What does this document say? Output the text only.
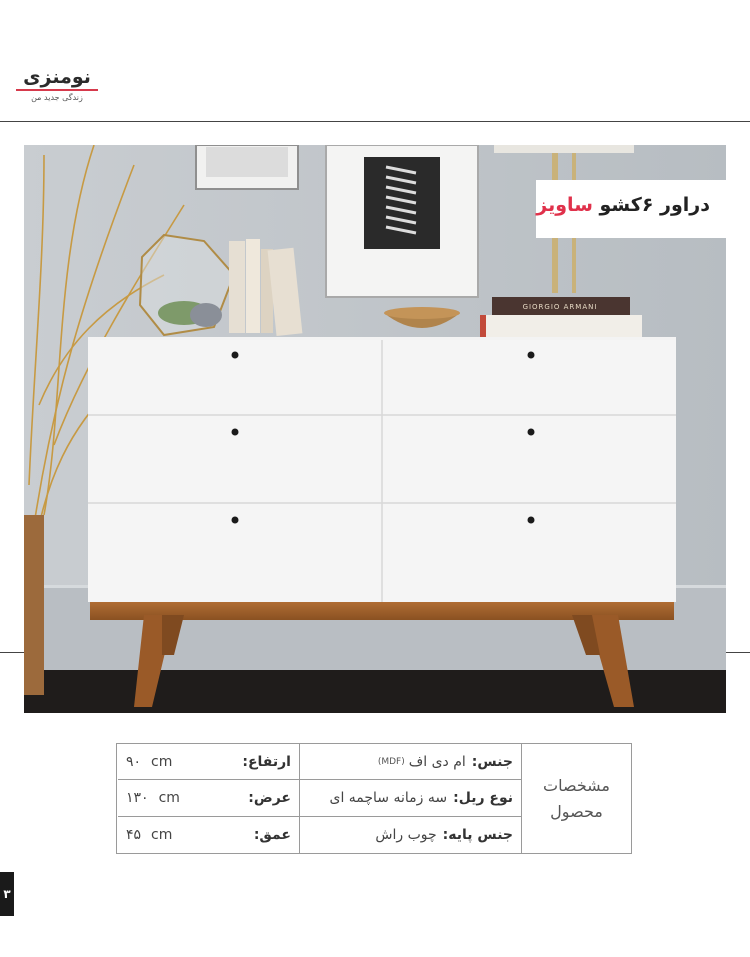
نومنزی
زندگی جدید من
GIORGIO ARMANI
دراور ۶کشو ساویز
مشخصات
محصول
جنس:
ام دی اف
(MDF)
نوع ریل:
سه زمانه ساچمه ای
جنس پایه:
چوب راش
ارتفاع:
cm
۹۰
عرض:
cm
۱۳۰
عمق:
cm
۴۵
۳
